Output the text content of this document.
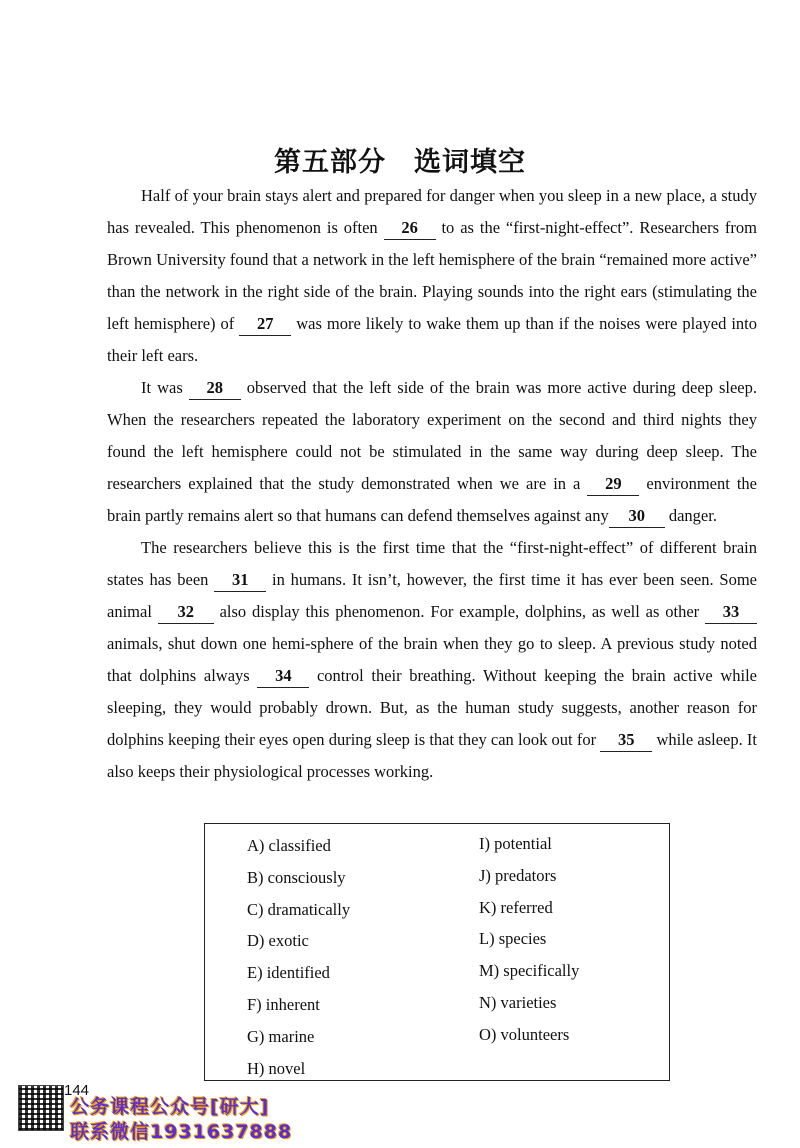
第五部分　选词填空

Half of your brain stays alert and prepared for danger when you sleep in a new place, a study has revealed. This phenomenon is often 26 to as the “first-night-effect”. Researchers from Brown University found that a network in the left hemisphere of the brain “remained more active” than the network in the right side of the brain. Playing sounds into the right ears (stimulating the left hemisphere) of 27 was more likely to wake them up than if the noises were played into their left ears.

It was 28 observed that the left side of the brain was more active during deep sleep. When the researchers repeated the laboratory experiment on the second and third nights they found the left hemisphere could not be stimulated in the same way during deep sleep. The researchers explained that the study demonstrated when we are in a 29 environment the brain partly remains alert so that humans can defend themselves against any 30 danger.

The researchers believe this is the first time that the “first-night-effect” of different brain states has been 31 in humans. It isn’t, however, the first time it has ever been seen. Some animal 32 also display this phenomenon. For example, dolphins, as well as other 33 animals, shut down one hemi-sphere of the brain when they go to sleep. A previous study noted that dolphins always 34 control their breathing. Without keeping the brain active while sleeping, they would probably drown. But, as the human study suggests, another reason for dolphins keeping their eyes open during sleep is that they can look out for 35 while asleep. It also keeps their physiological processes working.

A) classified
B) consciously
C) dramatically
D) exotic
E) identified
F) inherent
G) marine
H) novel
I) potential
J) predators
K) referred
L) species
M) specifically
N) varieties
O) volunteers
144
公务课程公众号[研大]
联系微信1931637888
